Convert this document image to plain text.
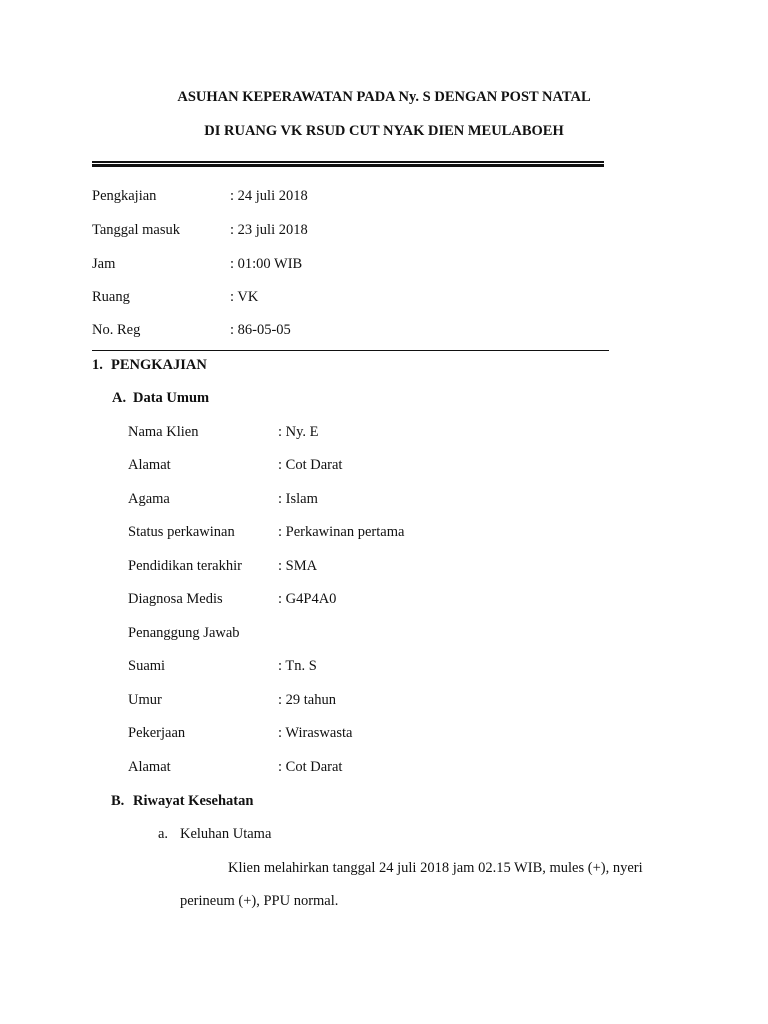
ASUHAN KEPERAWATAN PADA Ny. S DENGAN POST NATAL
DI RUANG VK RSUD CUT NYAK DIEN MEULABOEH
Pengkajian	: 24 juli 2018
Tanggal masuk	: 23 juli 2018
Jam	: 01:00 WIB
Ruang	: VK
No. Reg	: 86-05-05
1. PENGKAJIAN
A. Data Umum
Nama Klien	: Ny. E
Alamat	: Cot Darat
Agama	: Islam
Status perkawinan	: Perkawinan pertama
Pendidikan terakhir : SMA
Diagnosa Medis	: G4P4A0
Penanggung Jawab
Suami	: Tn. S
Umur	: 29 tahun
Pekerjaan	: Wiraswasta
Alamat	: Cot Darat
B. Riwayat Kesehatan
a. Keluhan Utama
Klien melahirkan tanggal 24 juli 2018 jam 02.15 WIB, mules (+), nyeri
perineum (+), PPU normal.
